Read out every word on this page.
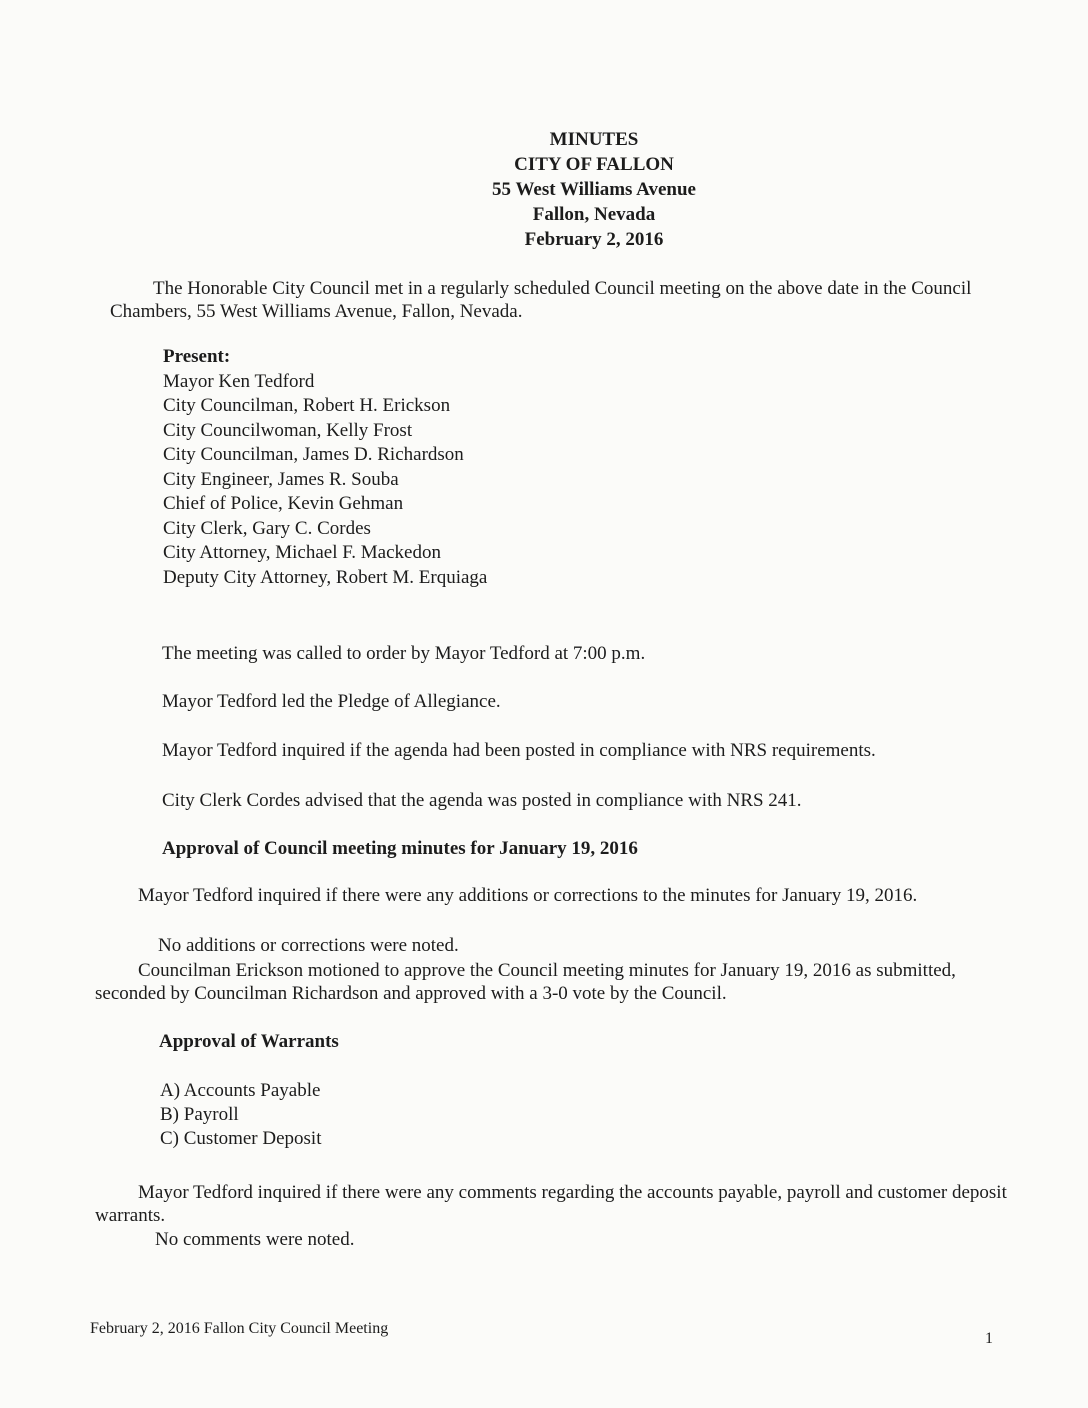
MINUTES
CITY OF FALLON
55 West Williams Avenue
Fallon, Nevada
February 2, 2016
The Honorable City Council met in a regularly scheduled Council meeting on the above date in the Council Chambers, 55 West Williams Avenue, Fallon, Nevada.
Present:
Mayor Ken Tedford
City Councilman, Robert H. Erickson
City Councilwoman, Kelly Frost
City Councilman, James D. Richardson
City Engineer, James R. Souba
Chief of Police, Kevin Gehman
City Clerk, Gary C. Cordes
City Attorney, Michael F. Mackedon
Deputy City Attorney, Robert M. Erquiaga
The meeting was called to order by Mayor Tedford at 7:00 p.m.
Mayor Tedford led the Pledge of Allegiance.
Mayor Tedford inquired if the agenda had been posted in compliance with NRS requirements.
City Clerk Cordes advised that the agenda was posted in compliance with NRS 241.
Approval of Council meeting minutes for January 19, 2016
Mayor Tedford inquired if there were any additions or corrections to the minutes for January 19, 2016.
No additions or corrections were noted.
Councilman Erickson motioned to approve the Council meeting minutes for January 19, 2016 as submitted, seconded by Councilman Richardson and approved with a 3-0 vote by the Council.
Approval of Warrants
A) Accounts Payable
B) Payroll
C) Customer Deposit
Mayor Tedford inquired if there were any comments regarding the accounts payable, payroll and customer deposit warrants.
No comments were noted.
February 2, 2016 Fallon City Council Meeting
1
